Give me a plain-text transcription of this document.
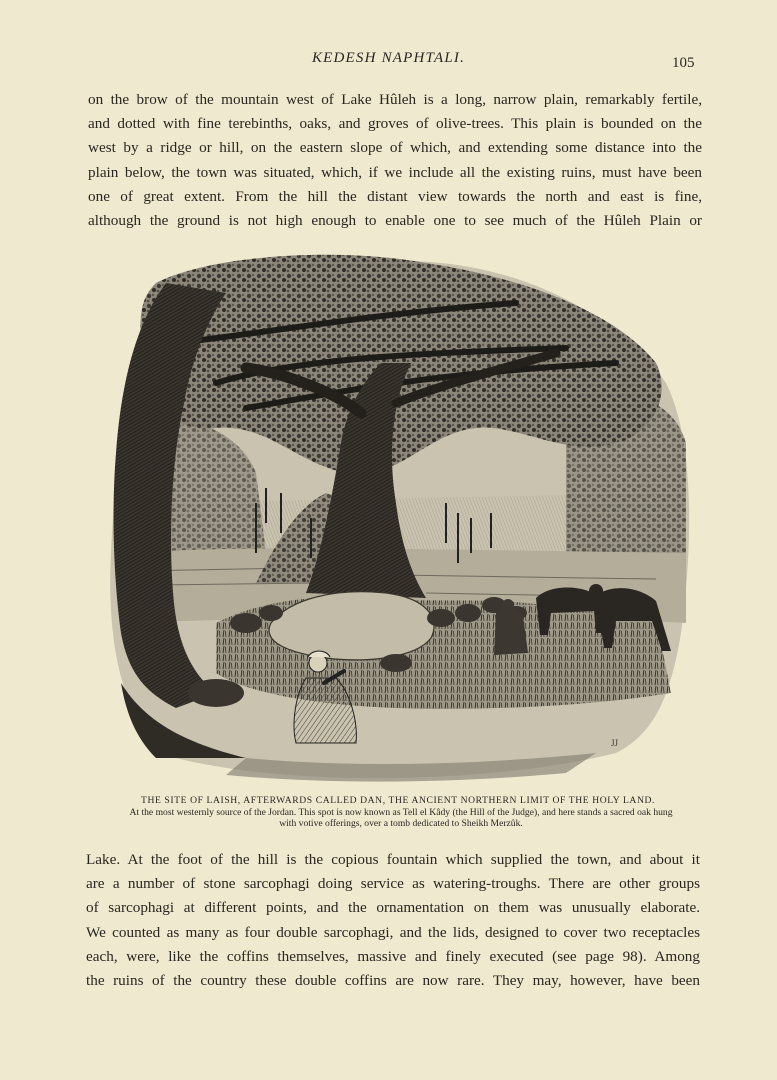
KEDESH NAPHTALI.	105
on the brow of the mountain west of Lake Hûleh is a long, narrow plain, remarkably fertile,
and dotted with fine terebinths, oaks, and groves of olive-trees. This plain is bounded on the
west by a ridge or hill, on the eastern slope of which, and extending some distance into the
plain below, the town was situated, which, if we include all the existing ruins, must have been
one of great extent. From the hill the distant view towards the north and east is fine,
although the ground is not high enough to enable one to see much of the Hûleh Plain or
JJ
THE SITE OF LAISH, AFTERWARDS CALLED DAN, THE ANCIENT NORTHERN LIMIT OF THE HOLY LAND.
At the most westernly source of the Jordan. This spot is now known as Tell el Kâdy (the Hill of the Judge), and here stands a sacred oak hung
with votive offerings, over a tomb dedicated to Sheikh Merzûk.
Lake. At the foot of the hill is the copious fountain which supplied the town, and about it
are a number of stone sarcophagi doing service as watering-troughs. There are other groups
of sarcophagi at different points, and the ornamentation on them was unusually elaborate.
We counted as many as four double sarcophagi, and the lids, designed to cover two receptacles
each, were, like the coffins themselves, massive and finely executed (see page 98). Among
the ruins of the country these double coffins are now rare. They may, however, have been
